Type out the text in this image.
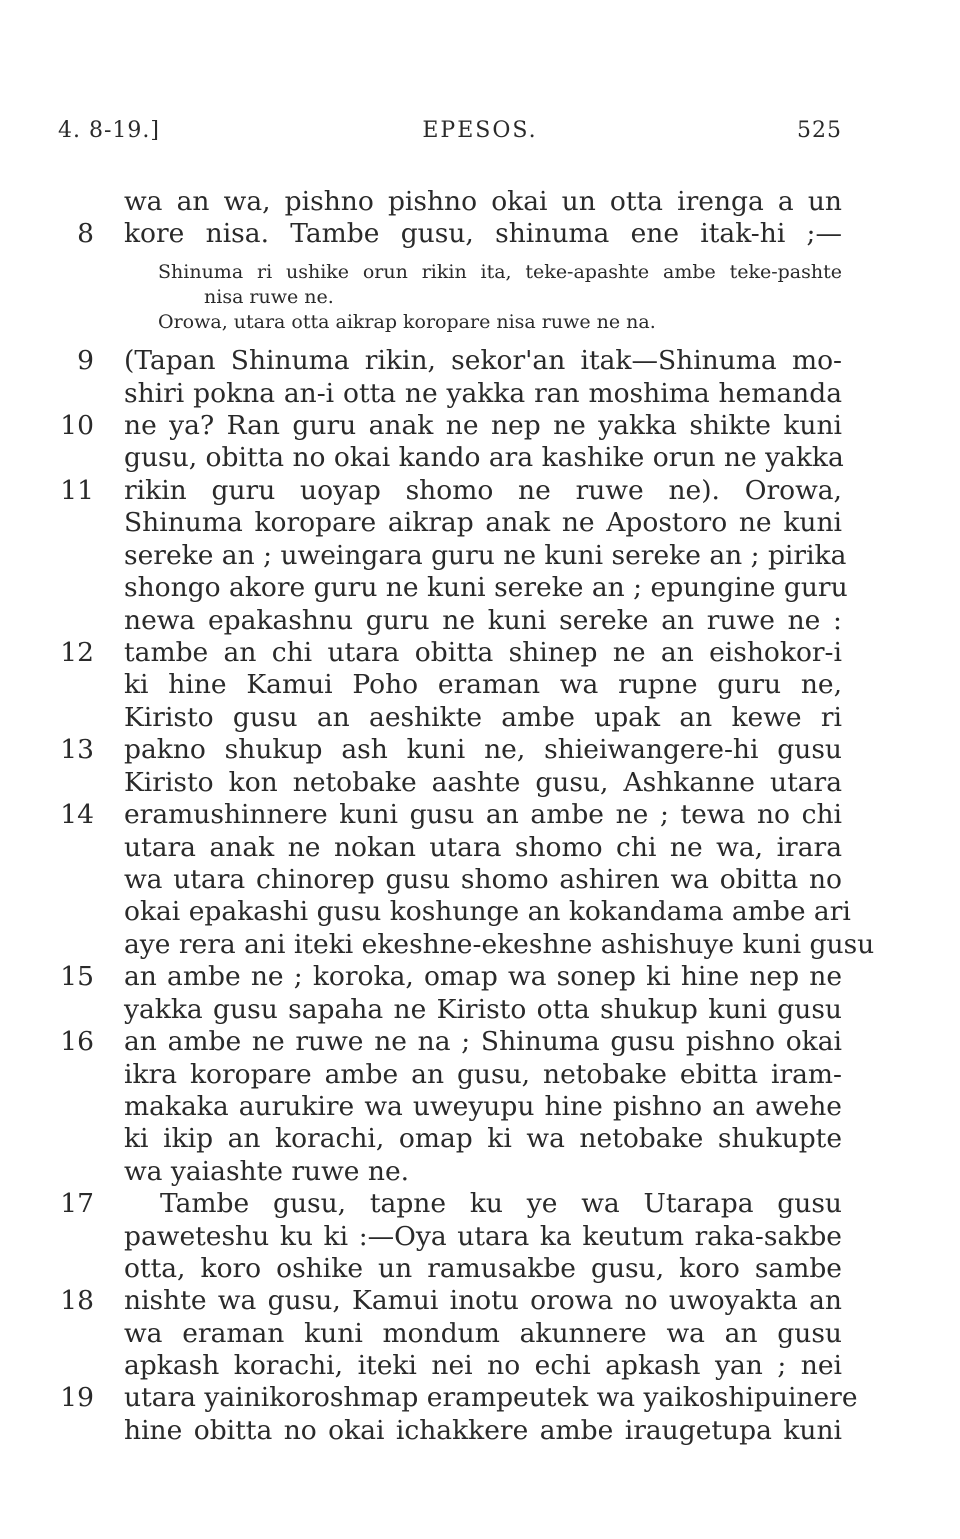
EPESOS.
4. 8-19.]	525
8
9
10
11
12
13
14
15
16
17
18
19
wa an wa, pishno pishno okai un otta irenga a un
kore nisa. Tambe gusu, shinuma ene itak-hi ;—
Shinuma ri ushike orun rikin ita, teke-apashte ambe teke-pashte
nisa ruwe ne.
Orowa, utara otta aikrap koropare nisa ruwe ne na.
(Tapan Shinuma rikin, sekor'an itak—Shinuma mo-
shiri pokna an-i otta ne yakka ran moshima hemanda
ne ya? Ran guru anak ne nep ne yakka shikte kuni
gusu, obitta no okai kando ara kashike orun ne yakka
rikin guru uoyap shomo ne ruwe ne). Orowa,
Shinuma koropare aikrap anak ne Apostoro ne kuni
sereke an ; uweingara guru ne kuni sereke an ; pirika
shongo akore guru ne kuni sereke an ; epungine guru
newa epakashnu guru ne kuni sereke an ruwe ne :
tambe an chi utara obitta shinep ne an eishokor-i
ki hine Kamui Poho eraman wa rupne guru ne,
Kiristo gusu an aeshikte ambe upak an kewe ri
pakno shukup ash kuni ne, shieiwangere-hi gusu
Kiristo kon netobake aashte gusu, Ashkanne utara
eramushinnere kuni gusu an ambe ne ; tewa no chi
utara anak ne nokan utara shomo chi ne wa, irara
wa utara chinorep gusu shomo ashiren wa obitta no
okai epakashi gusu koshunge an kokandama ambe ari
aye rera ani iteki ekeshne-ekeshne ashishuye kuni gusu
an ambe ne ; koroka, omap wa sonep ki hine nep ne
yakka gusu sapaha ne Kiristo otta shukup kuni gusu
an ambe ne ruwe ne na ; Shinuma gusu pishno okai
ikra koropare ambe an gusu, netobake ebitta iram-
makaka aurukire wa uweyupu hine pishno an awehe
ki ikip an korachi, omap ki wa netobake shukupte
wa yaiashte ruwe ne.
Tambe gusu, tapne ku ye wa Utarapa gusu
paweteshu ku ki :—Oya utara ka keutum raka-sakbe
otta, koro oshike un ramusakbe gusu, koro sambe
nishte wa gusu, Kamui inotu orowa no uwoyakta an
wa eraman kuni mondum akunnere wa an gusu
apkash korachi, iteki nei no echi apkash yan ; nei
utara yainikoroshmap erampeutek wa yaikoshipuinere
hine obitta no okai ichakkere ambe iraugetupa kuni
